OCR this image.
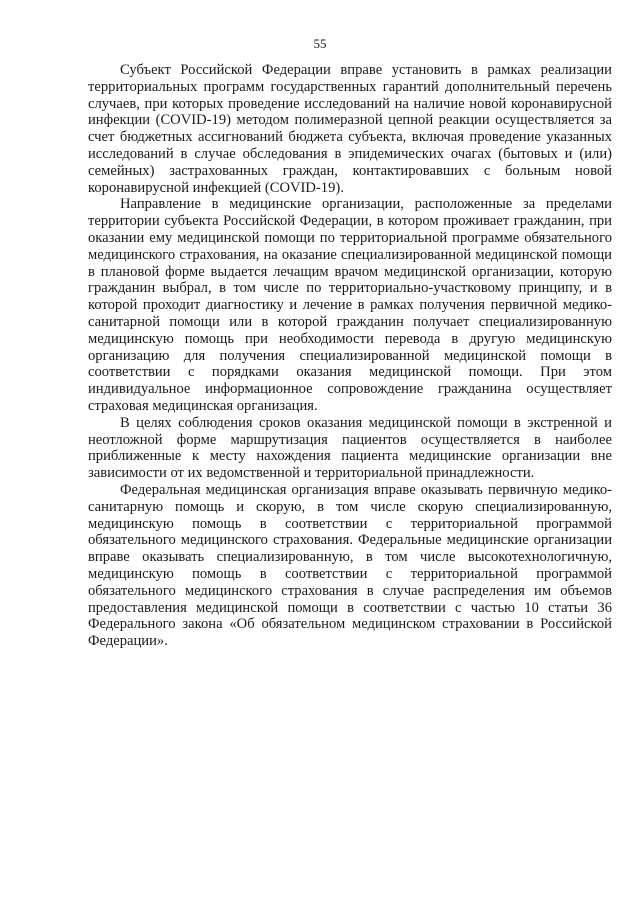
55

Субъект Российской Федерации вправе установить в рамках реализации территориальных программ государственных гарантий дополнительный перечень случаев, при которых проведение исследований на наличие новой коронавирусной инфекции (COVID-19) методом полимеразной цепной реакции осуществляется за счет бюджетных ассигнований бюджета субъекта, включая проведение указанных исследований в случае обследования в эпидемических очагах (бытовых и (или) семейных) застрахованных граждан, контактировавших с больным новой коронавирусной инфекцией (COVID-19).

Направление в медицинские организации, расположенные за пределами территории субъекта Российской Федерации, в котором проживает гражданин, при оказании ему медицинской помощи по территориальной программе обязательного медицинского страхования, на оказание специализированной медицинской помощи в плановой форме выдается лечащим врачом медицинской организации, которую гражданин выбрал, в том числе по территориально-участковому принципу, и в которой проходит диагностику и лечение в рамках получения первичной медико-санитарной помощи или в которой гражданин получает специализированную медицинскую помощь при необходимости перевода в другую медицинскую организацию для получения специализированной медицинской помощи в соответствии с порядками оказания медицинской помощи. При этом индивидуальное информационное сопровождение гражданина осуществляет страховая медицинская организация.

В целях соблюдения сроков оказания медицинской помощи в экстренной и неотложной форме маршрутизация пациентов осуществляется в наиболее приближенные к месту нахождения пациента медицинские организации вне зависимости от их ведомственной и территориальной принадлежности.

Федеральная медицинская организация вправе оказывать первичную медико-санитарную помощь и скорую, в том числе скорую специализированную, медицинскую помощь в соответствии с территориальной программой обязательного медицинского страхования. Федеральные медицинские организации вправе оказывать специализированную, в том числе высокотехнологичную, медицинскую помощь в соответствии с территориальной программой обязательного медицинского страхования в случае распределения им объемов предоставления медицинской помощи в соответствии с частью 10 статьи 36 Федерального закона «Об обязательном медицинском страховании в Российской Федерации».
